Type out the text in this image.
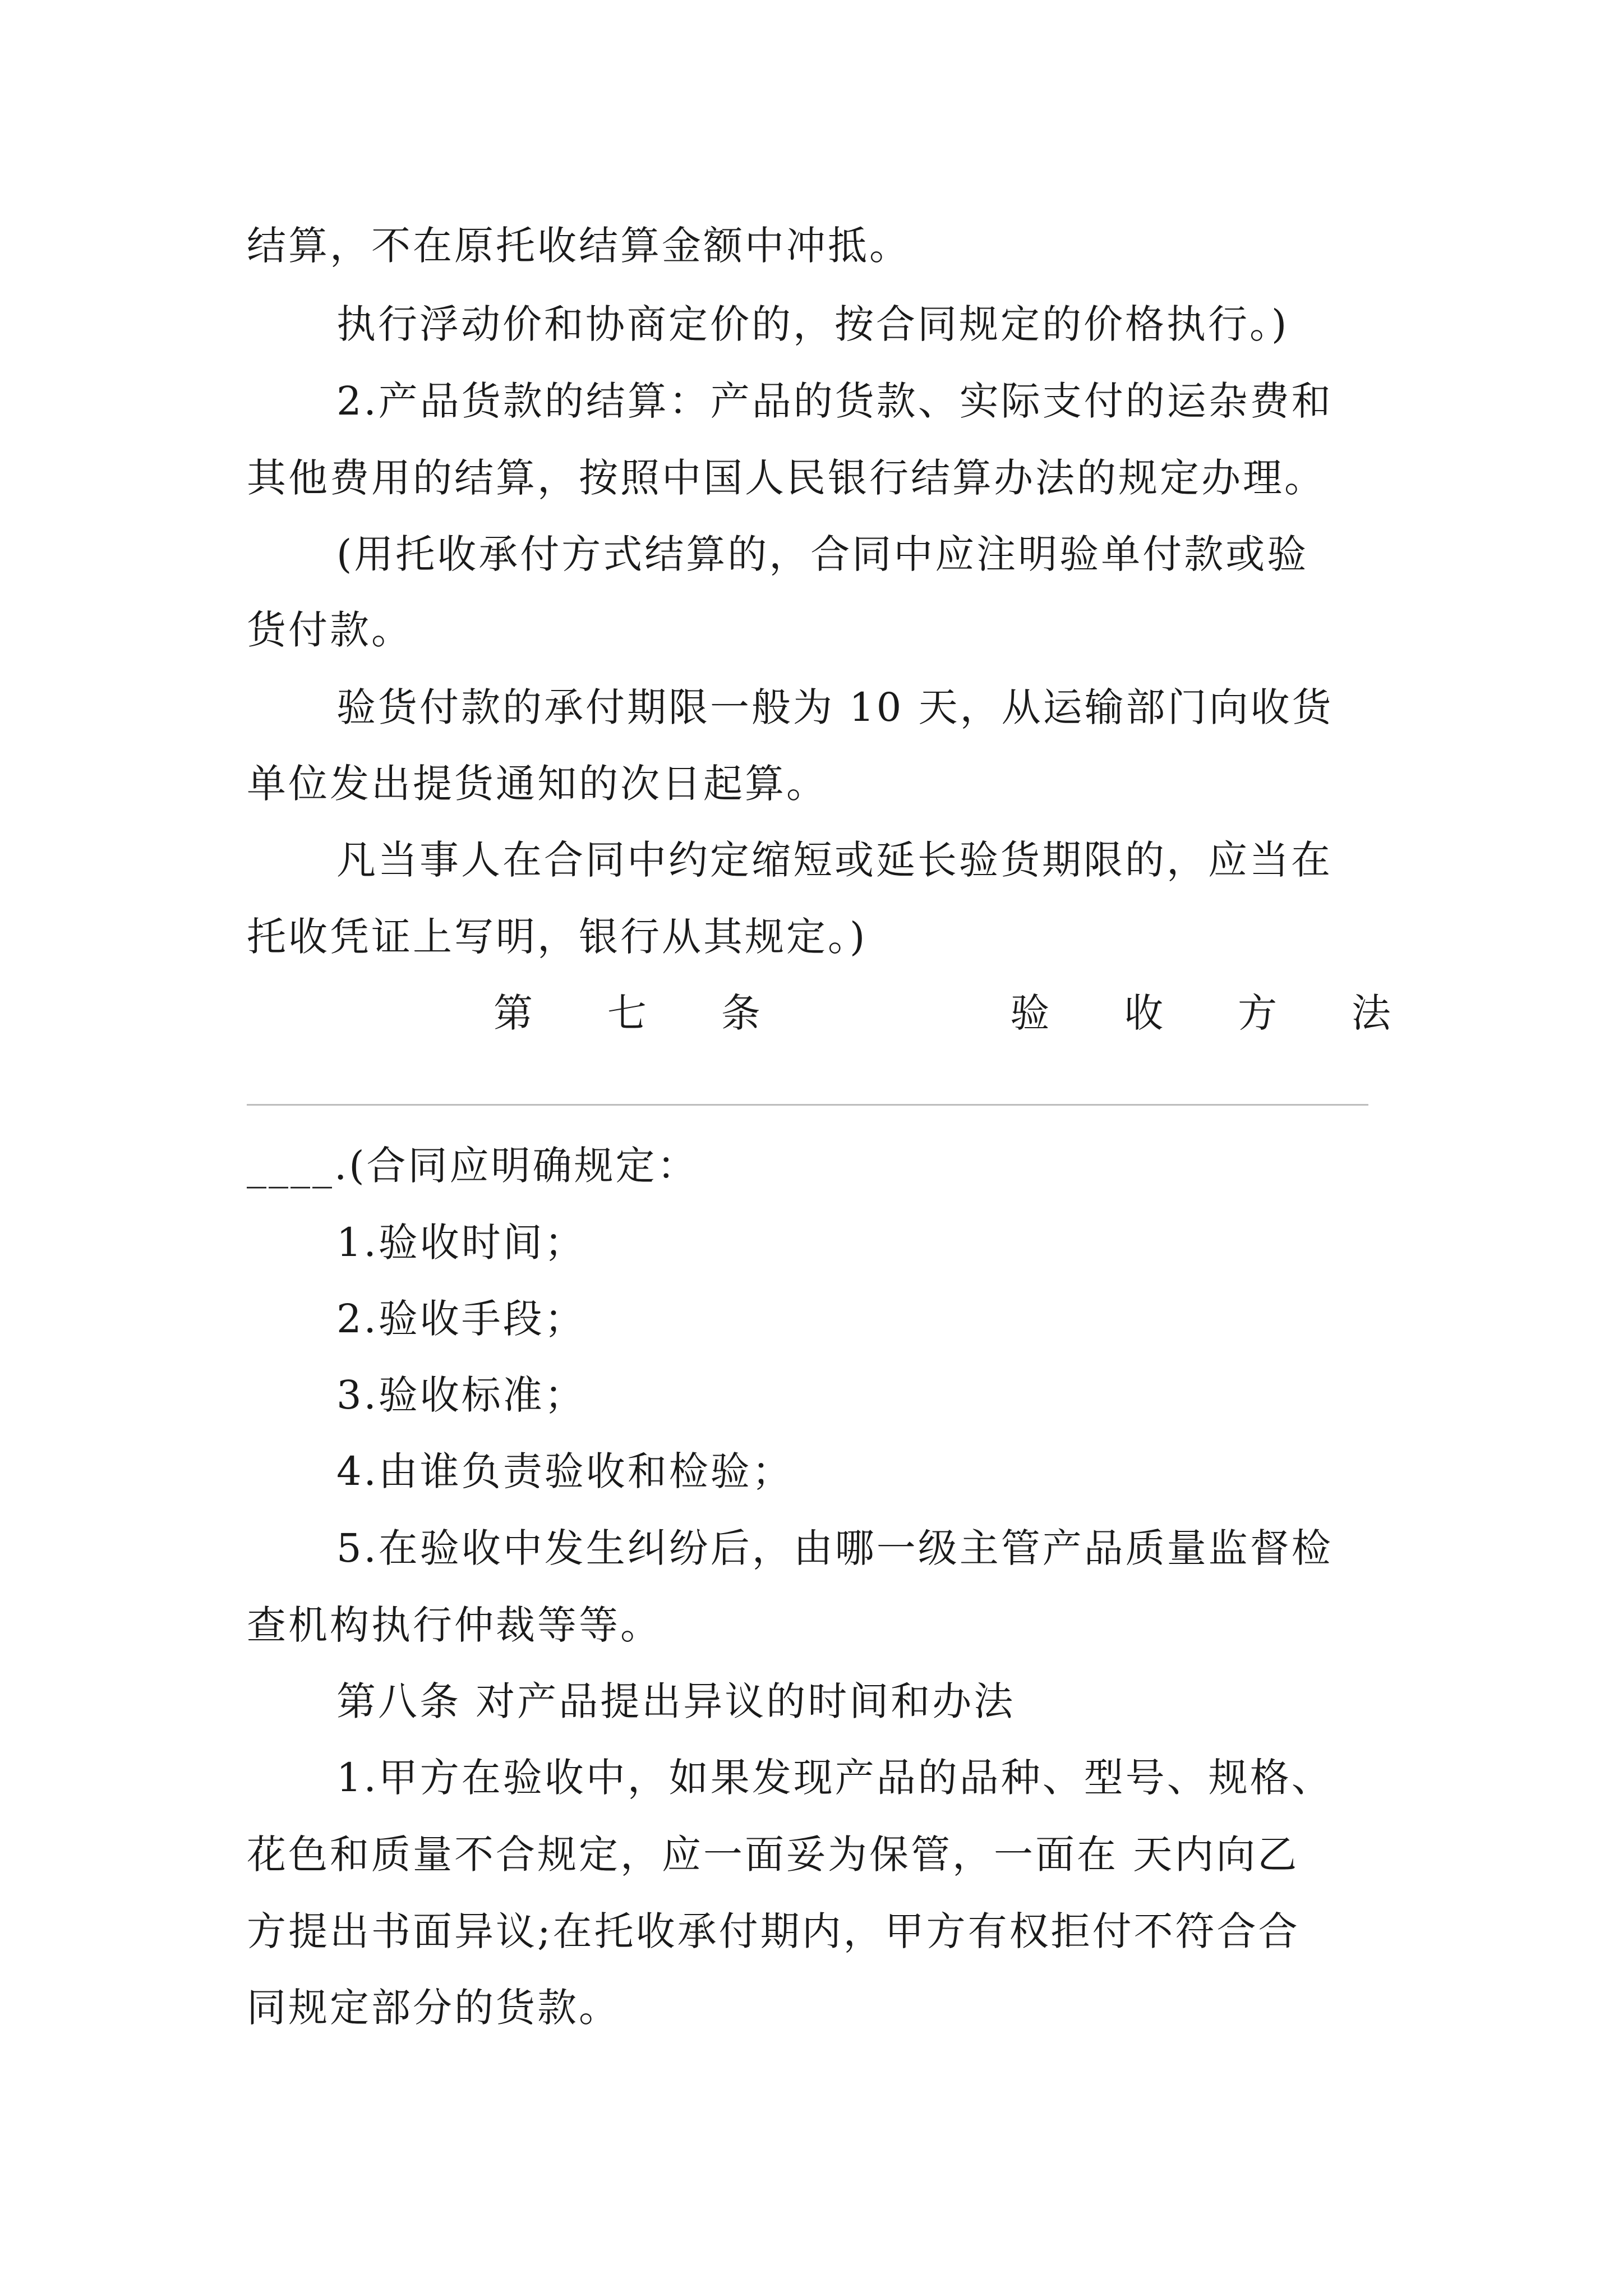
结算，不在原托收结算金额中冲抵。
执行浮动价和协商定价的，按合同规定的价格执行。)
2.产品货款的结算：产品的货款、实际支付的运杂费和
其他费用的结算，按照中国人民银行结算办法的规定办理。
(用托收承付方式结算的，合同中应注明验单付款或验
货付款。
验货付款的承付期限一般为 10 天，从运输部门向收货
单位发出提货通知的次日起算。
凡当事人在合同中约定缩短或延长验货期限的，应当在
托收凭证上写明，银行从其规定。)
第 七 条	验 收 方 法
____.(合同应明确规定：
1.验收时间；
2.验收手段；
3.验收标准；
4.由谁负责验收和检验；
5.在验收中发生纠纷后，由哪一级主管产品质量监督检
查机构执行仲裁等等。
第八条 对产品提出异议的时间和办法
1.甲方在验收中，如果发现产品的品种、型号、规格、
花色和质量不合规定，应一面妥为保管，一面在 天内向乙
方提出书面异议;在托收承付期内，甲方有权拒付不符合合
同规定部分的货款。
